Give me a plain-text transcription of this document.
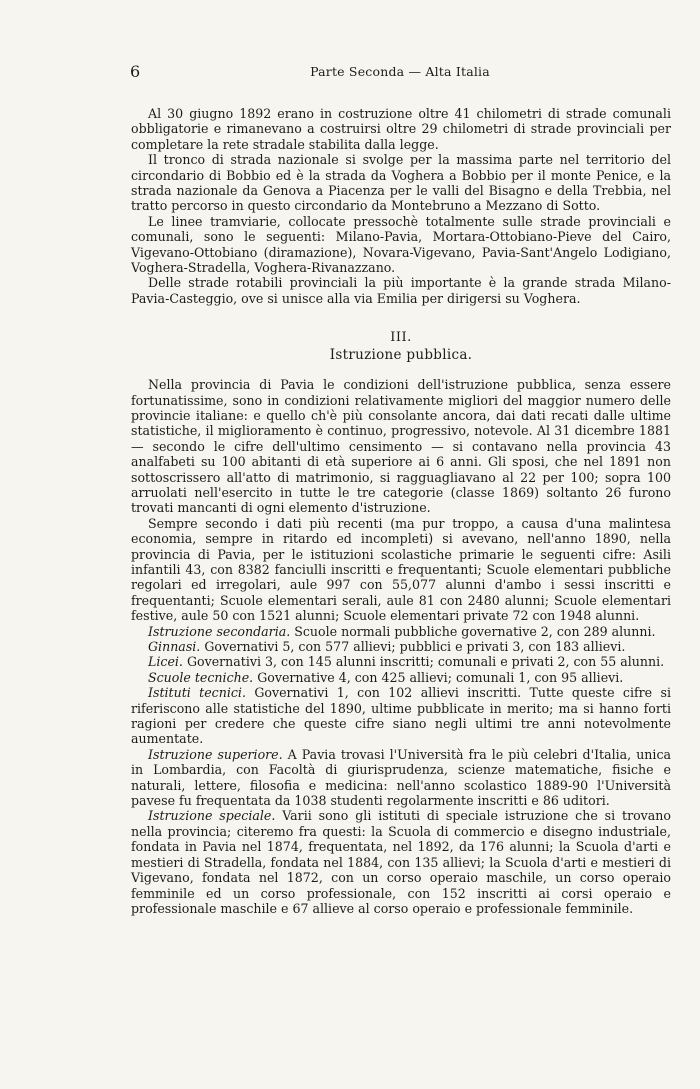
6	Parte Seconda — Alta Italia

Al 30 giugno 1892 erano in costruzione oltre 41 chilometri di strade comunali obbligatorie e rimanevano a costruirsi oltre 29 chilometri di strade provinciali per completare la rete stradale stabilita dalla legge.

Il tronco di strada nazionale si svolge per la massima parte nel territorio del circondario di Bobbio ed è la strada da Voghera a Bobbio per il monte Penice, e la strada nazionale da Genova a Piacenza per le valli del Bisagno e della Trebbia, nel tratto percorso in questo circondario da Montebruno a Mezzano di Sotto.

Le linee tramviarie, collocate pressochè totalmente sulle strade provinciali e comunali, sono le seguenti: Milano-Pavia, Mortara-Ottobiano-Pieve del Cairo, Vigevano-Ottobiano (diramazione), Novara-Vigevano, Pavia-Sant'Angelo Lodigiano, Voghera-Stradella, Voghera-Rivanazzano.

Delle strade rotabili provinciali la più importante è la grande strada Milano-Pavia-Casteggio, ove si unisce alla via Emilia per dirigersi su Voghera.

III.
Istruzione pubblica.

Nella provincia di Pavia le condizioni dell'istruzione pubblica, senza essere fortunatissime, sono in condizioni relativamente migliori del maggior numero delle provincie italiane: e quello ch'è più consolante ancora, dai dati recati dalle ultime statistiche, il miglioramento è continuo, progressivo, notevole. Al 31 dicembre 1881 — secondo le cifre dell'ultimo censimento — si contavano nella provincia 43 analfabeti su 100 abitanti di età superiore ai 6 anni. Gli sposi, che nel 1891 non sottoscrissero all'atto di matrimonio, si ragguagliavano al 22 per 100; sopra 100 arruolati nell'esercito in tutte le tre categorie (classe 1869) soltanto 26 furono trovati mancanti di ogni elemento d'istruzione.

Sempre secondo i dati più recenti (ma pur troppo, a causa d'una malintesa economia, sempre in ritardo ed incompleti) si avevano, nell'anno 1890, nella provincia di Pavia, per le istituzioni scolastiche primarie le seguenti cifre: Asili infantili 43, con 8382 fanciulli inscritti e frequentanti; Scuole elementari pubbliche regolari ed irregolari, aule 997 con 55,077 alunni d'ambo i sessi inscritti e frequentanti; Scuole elementari serali, aule 81 con 2480 alunni; Scuole elementari festive, aule 50 con 1521 alunni; Scuole elementari private 72 con 1948 alunni.

Istruzione secondaria. Scuole normali pubbliche governative 2, con 289 alunni.

Ginnasi. Governativi 5, con 577 allievi; pubblici e privati 3, con 183 allievi.

Licei. Governativi 3, con 145 alunni inscritti; comunali e privati 2, con 55 alunni.

Scuole tecniche. Governative 4, con 425 allievi; comunali 1, con 95 allievi.

Istituti tecnici. Governativi 1, con 102 allievi inscritti. Tutte queste cifre si riferiscono alle statistiche del 1890, ultime pubblicate in merito; ma si hanno forti ragioni per credere che queste cifre siano negli ultimi tre anni notevolmente aumentate.

Istruzione superiore. A Pavia trovasi l'Università fra le più celebri d'Italia, unica in Lombardia, con Facoltà di giurisprudenza, scienze matematiche, fisiche e naturali, lettere, filosofia e medicina: nell'anno scolastico 1889-90 l'Università pavese fu frequentata da 1038 studenti regolarmente inscritti e 86 uditori.

Istruzione speciale. Varii sono gli istituti di speciale istruzione che si trovano nella provincia; citeremo fra questi: la Scuola di commercio e disegno industriale, fondata in Pavia nel 1874, frequentata, nel 1892, da 176 alunni; la Scuola d'arti e mestieri di Stradella, fondata nel 1884, con 135 allievi; la Scuola d'arti e mestieri di Vigevano, fondata nel 1872, con un corso operaio maschile, un corso operaio femminile ed un corso professionale, con 152 inscritti ai corsi operaio e professionale maschile e 67 allieve al corso operaio e professionale femminile.
